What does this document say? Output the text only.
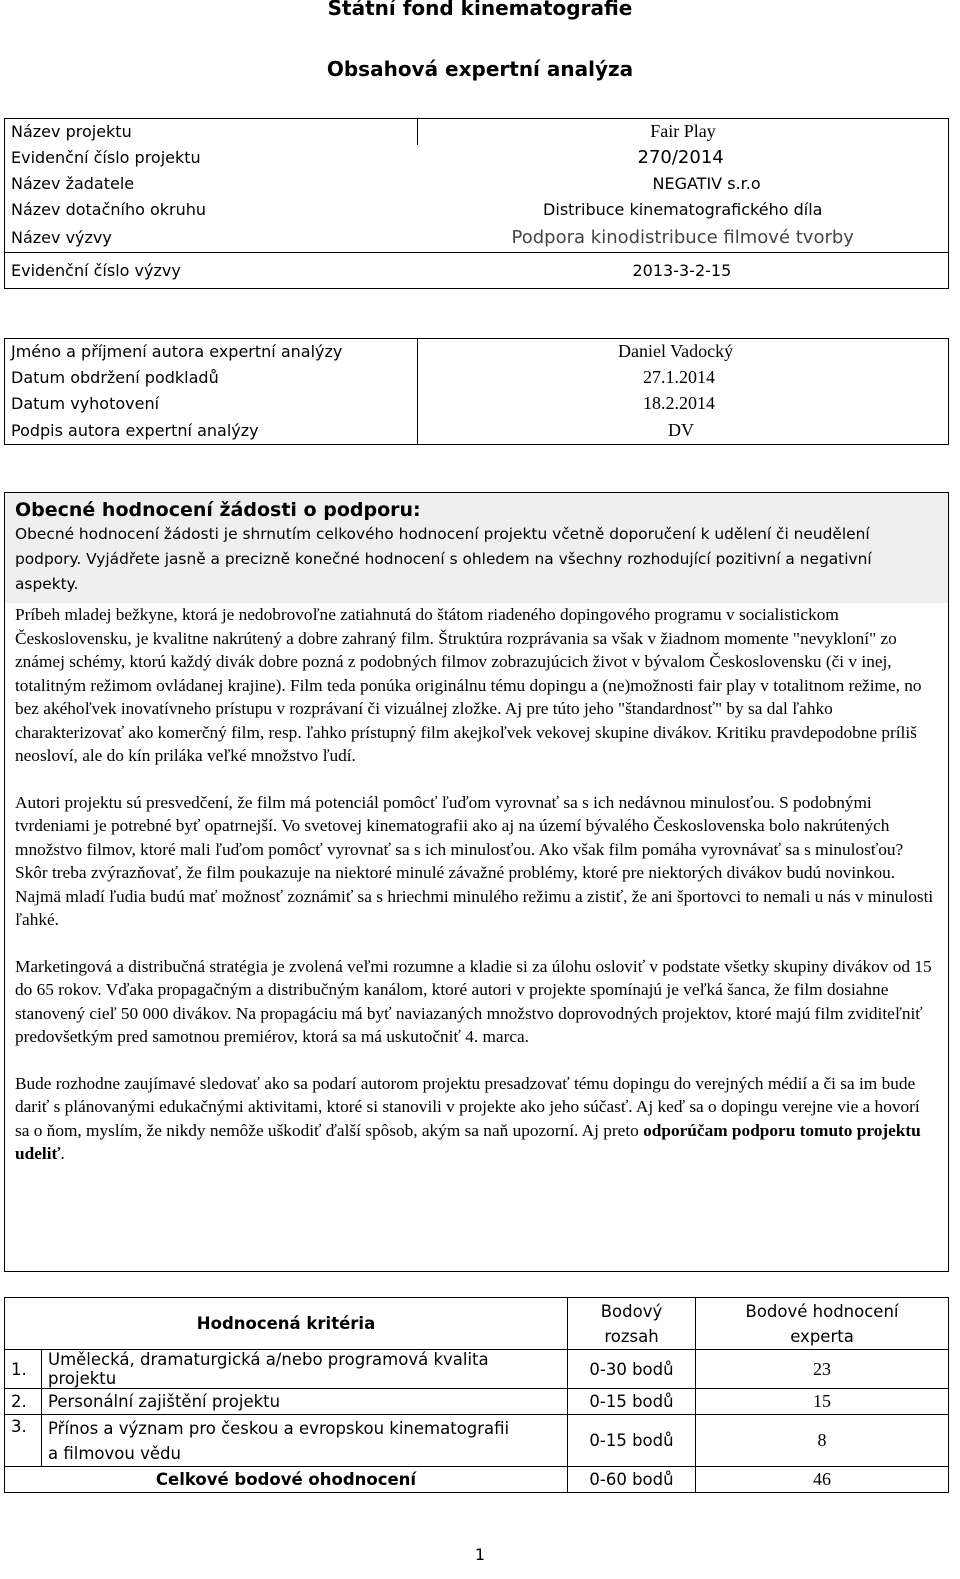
Státní fond kinematografie
Obsahová expertní analýza
Název projektu	Fair Play
Evidenční číslo projektu	270/2014
Název žadatele	NEGATIV s.r.o
Název dotačního okruhu	Distribuce kinematografického díla
Název výzvy	Podpora kinodistribuce filmové tvorby
Evidenční číslo výzvy	2013-3-2-15
Jméno a příjmení autora expertní analýzy	Daniel Vadocký
Datum obdržení podkladů	27.1.2014
Datum vyhotovení	18.2.2014
Podpis autora expertní analýzy	DV
Obecné hodnocení žádosti o podporu:
Obecné hodnocení žádosti je shrnutím celkového hodnocení projektu včetně doporučení k udělení či neudělení podpory. Vyjádřete jasně a precizně konečné hodnocení s ohledem na všechny rozhodující pozitivní a negativní aspekty.

Príbeh mladej bežkyne, ktorá je nedobrovoľne zatiahnutá do štátom riadeného dopingového programu v socialistickom Československu, je kvalitne nakrútený a dobre zahraný film. Štruktúra rozprávania sa však v žiadnom momente "nevykloní" zo známej schémy, ktorú každý divák dobre pozná z podobných filmov zobrazujúcich život v bývalom Československu (či v inej, totalitným režimom ovládanej krajine). Film teda ponúka originálnu tému dopingu a (ne)možnosti fair play v totalitnom režime, no bez akéhoľvek inovatívneho prístupu v rozprávaní či vizuálnej zložke. Aj pre túto jeho "štandardnosť" by sa dal ľahko charakterizovať ako komerčný film, resp. ľahko prístupný film akejkoľvek vekovej skupine divákov. Kritiku pravdepodobne príliš neosloví, ale do kín priláka veľké množstvo ľudí.

Autori projektu sú presvedčení, že film má potenciál pomôcť ľuďom vyrovnať sa s ich nedávnou minulosťou. S podobnými tvrdeniami je potrebné byť opatrnejší. Vo svetovej kinematografii ako aj na území bývalého Československa bolo nakrútených množstvo filmov, ktoré mali ľuďom pomôcť vyrovnať sa s ich minulosťou. Ako však film pomáha vyrovnávať sa s minulosťou? Skôr treba zvýrazňovať, že film poukazuje na niektoré minulé závažné problémy, ktoré pre niektorých divákov budú novinkou. Najmä mladí ľudia budú mať možnosť zoznámiť sa s hriechmi minulého režimu a zistiť, že ani športovci to nemali u nás v minulosti ľahké.

Marketingová a distribučná stratégia je zvolená veľmi rozumne a kladie si za úlohu osloviť v podstate všetky skupiny divákov od 15 do 65 rokov. Vďaka propagačným a distribučným kanálom, ktoré autori v projekte spomínajú je veľká šanca, že film dosiahne stanovený cieľ 50 000 divákov. Na propagáciu má byť naviazaných množstvo doprovodných projektov, ktoré majú film zviditeľniť predovšetkým pred samotnou premiérov, ktorá sa má uskutočniť 4. marca.

Bude rozhodne zaujímavé sledovať ako sa podarí autorom projektu presadzovať tému dopingu do verejných médií a či sa im bude dariť s plánovanými edukačnými aktivitami, ktoré si stanovili v projekte ako jeho súčasť. Aj keď sa o dopingu verejne vie a hovorí sa o ňom, myslím, že nikdy nemôže uškodiť ďalší spôsob, akým sa naň upozorní. Aj preto odporúčam podporu tomuto projektu udeliť.

Hodnocená kritéria		Bodový rozsah	Bodové hodnocení experta
1.	Umělecká, dramaturgická a/nebo programová kvalita projektu	0-30 bodů	23
2.	Personální zajištění projektu	0-15 bodů	15
3.	Přínos a význam pro českou a evropskou kinematografii a filmovou vědu	0-15 bodů	8
Celkové bodové ohodnocení		0-60 bodů	46
1
